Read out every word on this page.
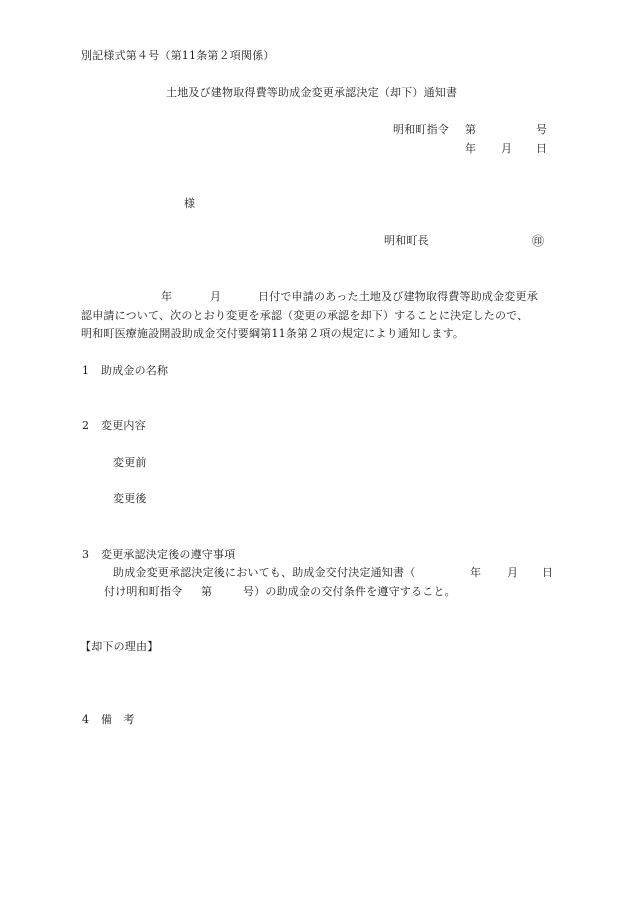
別記様式第４号（第11条第２項関係）
土地及び建物取得費等助成金変更承認決定（却下）通知書
明和町指令 第	号
年 月 日
様
明和町長	㊞
年	月	日付で申請のあった土地及び建物取得費等助成金変更承
認申請について、次のとおり変更を承認（変更の承認を却下）することに決定したので、
明和町医療施設開設助成金交付要綱第11条第２項の規定により通知します。
1 助成金の名称
2 変更内容
変更前
変更後
3 変更承認決定後の遵守事項
助成金変更承認決定後においても、助成金交付決定通知書（	年 月 日
付け明和町指令 第	号）の助成金の交付条件を遵守すること。
【却下の理由】
4 備　考
